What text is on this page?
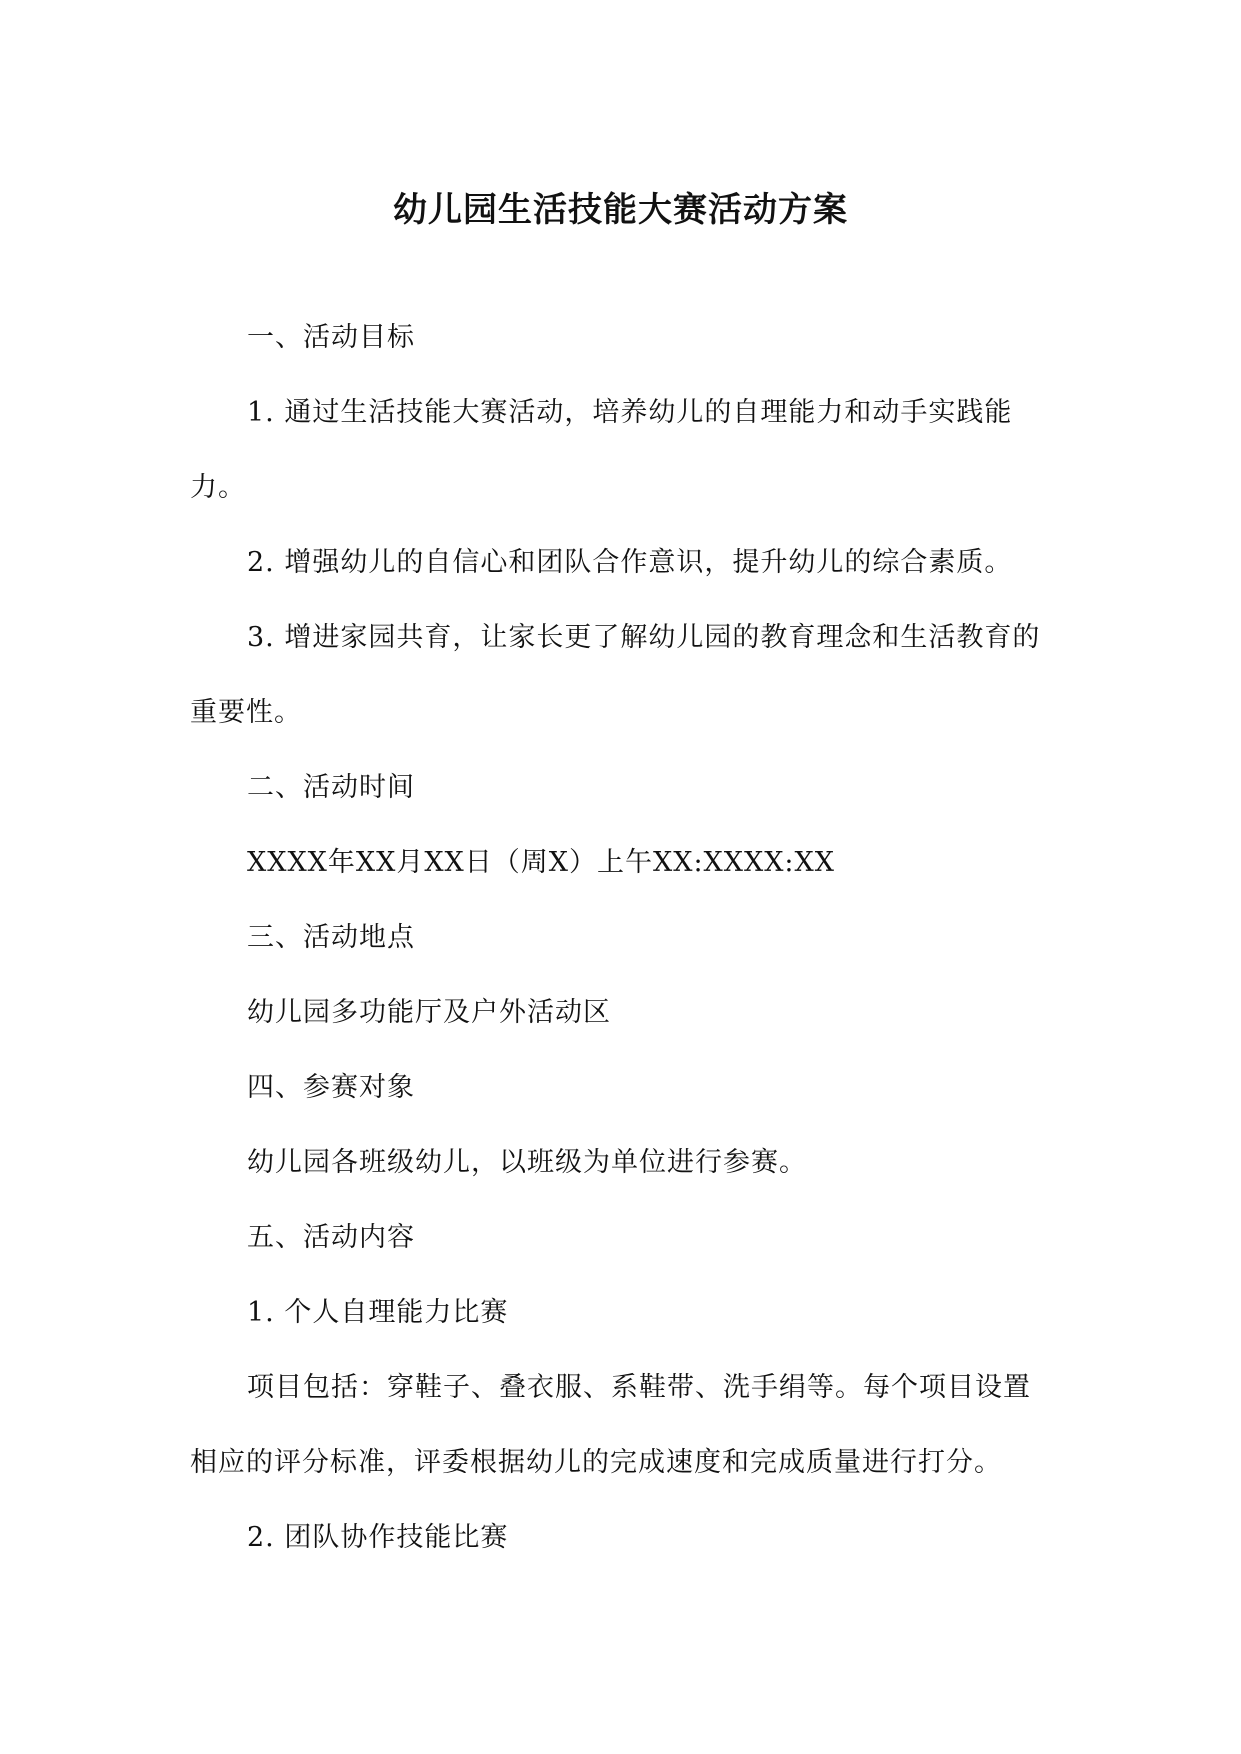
幼儿园生活技能大赛活动方案

一、活动目标

1. 通过生活技能大赛活动，培养幼儿的自理能力和动手实践能力。

2. 增强幼儿的自信心和团队合作意识，提升幼儿的综合素质。

3. 增进家园共育，让家长更了解幼儿园的教育理念和生活教育的重要性。

二、活动时间

XXXX年XX月XX日（周X）上午XX:XXXX:XX

三、活动地点

幼儿园多功能厅及户外活动区

四、参赛对象

幼儿园各班级幼儿，以班级为单位进行参赛。

五、活动内容

1. 个人自理能力比赛

项目包括：穿鞋子、叠衣服、系鞋带、洗手绢等。每个项目设置相应的评分标准，评委根据幼儿的完成速度和完成质量进行打分。

2. 团队协作技能比赛
